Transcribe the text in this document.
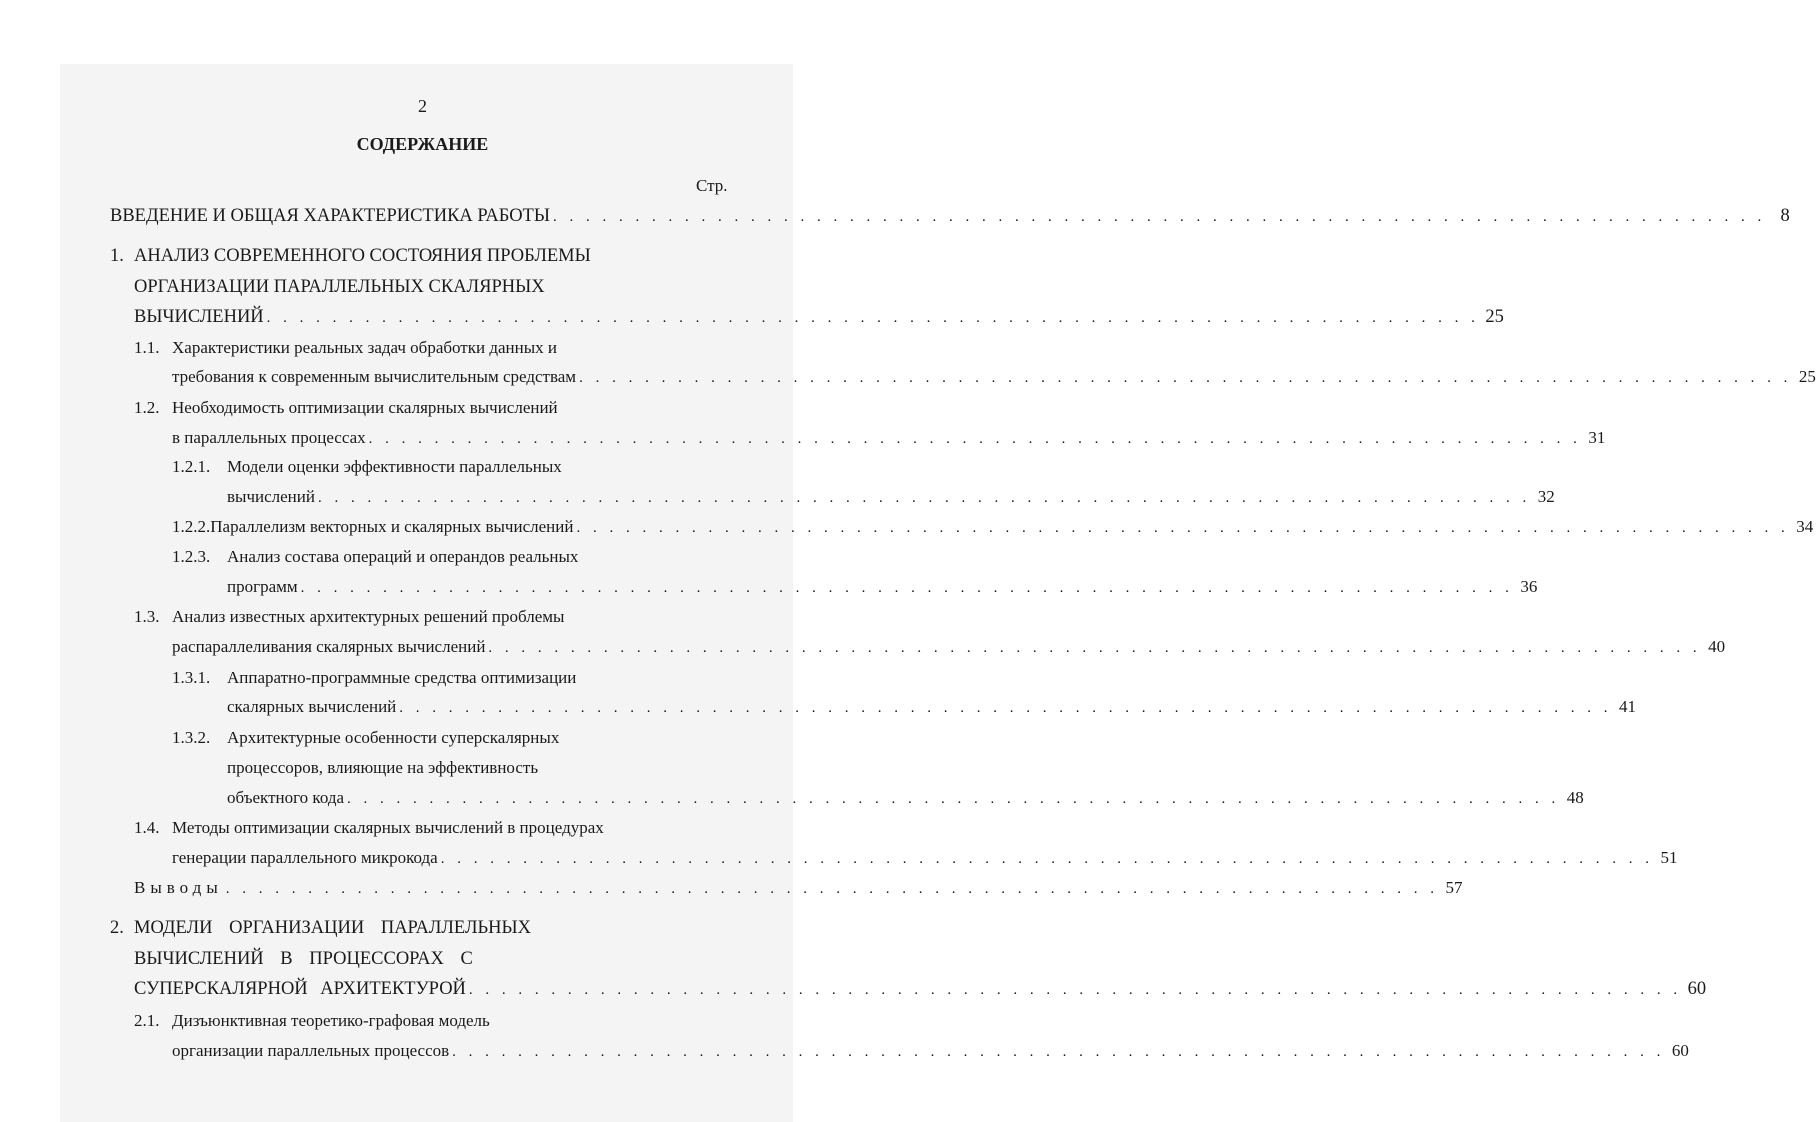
2
СОДЕРЖАНИЕ
Стр.
ВВЕДЕНИЕ И ОБЩАЯ ХАРАКТЕРИСТИКА РАБОТЫ . . . . . . . . . . . . . . . . . . . . . . . . . . . . . . . . . . . . . . . . . . . . . . . . . . . . . . . . . . . . . . . . . . . . . . . . . . 8
1. АНАЛИЗ СОВРЕМЕННОГО СОСТОЯНИЯ ПРОБЛЕМЫ
ОРГАНИЗАЦИИ ПАРАЛЛЕЛЬНЫХ СКАЛЯРНЫХ
ВЫЧИСЛЕНИЙ . . . . . . . . . . . . . . . . . . . . . . . . . . . . . . . . . . . . . . . . . . . . . . . . . . . . . . . . . . . . . . . . . . . . . . . . . . 25
1.1. Характеристики реальных задач обработки данных и
требования к современным вычислительным средствам . . . . . . . . . . . . . . . . . . . . . . . . . . . . . . . . . . . . . . . . . . . . . . . . . . . . . . . . . . . . . . . . . . . . . . . . . . 25
1.2. Необходимость оптимизации скалярных вычислений
в параллельных процессах . . . . . . . . . . . . . . . . . . . . . . . . . . . . . . . . . . . . . . . . . . . . . . . . . . . . . . . . . . . . . . . . . . . . . . . . . . 31
1.2.1. Модели оценки эффективности параллельных
вычислений . . . . . . . . . . . . . . . . . . . . . . . . . . . . . . . . . . . . . . . . . . . . . . . . . . . . . . . . . . . . . . . . . . . . . . . . . . 32
1.2.2. Параллелизм векторных и скалярных вычислений . . . . . . . . . . . . . . . . . . . . . . . . . . . . . . . . . . . . . . . . . . . . . . . . . . . . . . . . . . . . . . . . . . . . . . . . . . 34
1.2.3. Анализ состава операций и операндов реальных
программ . . . . . . . . . . . . . . . . . . . . . . . . . . . . . . . . . . . . . . . . . . . . . . . . . . . . . . . . . . . . . . . . . . . . . . . . . . 36
1.3. Анализ известных архитектурных решений проблемы
распараллеливания скалярных вычислений . . . . . . . . . . . . . . . . . . . . . . . . . . . . . . . . . . . . . . . . . . . . . . . . . . . . . . . . . . . . . . . . . . . . . . . . . . 40
1.3.1. Аппаратно-программные средства оптимизации
скалярных вычислений . . . . . . . . . . . . . . . . . . . . . . . . . . . . . . . . . . . . . . . . . . . . . . . . . . . . . . . . . . . . . . . . . . . . . . . . . . 41
1.3.2. Архитектурные особенности суперскалярных
процессоров, влияющие на эффективность
объектного кода . . . . . . . . . . . . . . . . . . . . . . . . . . . . . . . . . . . . . . . . . . . . . . . . . . . . . . . . . . . . . . . . . . . . . . . . . . 48
1.4. Методы оптимизации скалярных вычислений в процедурах
генерации параллельного микрокода . . . . . . . . . . . . . . . . . . . . . . . . . . . . . . . . . . . . . . . . . . . . . . . . . . . . . . . . . . . . . . . . . . . . . . . . . . 51
Выводы . . . . . . . . . . . . . . . . . . . . . . . . . . . . . . . . . . . . . . . . . . . . . . . . . . . . . . . . . . . . . . . . . . . . . . . . . . 57
2. МОДЕЛИ ОРГАНИЗАЦИИ ПАРАЛЛЕЛЬНЫХ
ВЫЧИСЛЕНИЙ В ПРОЦЕССОРАХ С
СУПЕРСКАЛЯРНОЙ АРХИТЕКТУРОЙ . . . . . . . . . . . . . . . . . . . . . . . . . . . . . . . . . . . . . . . . . . . . . . . . . . . . . . . . . . . . . . . . . . . . . . . . . . 60
2.1. Дизъюнктивная теоретико-графовая модель
организации параллельных процессов . . . . . . . . . . . . . . . . . . . . . . . . . . . . . . . . . . . . . . . . . . . . . . . . . . . . . . . . . . . . . . . . . . . . . . . . . . 60
